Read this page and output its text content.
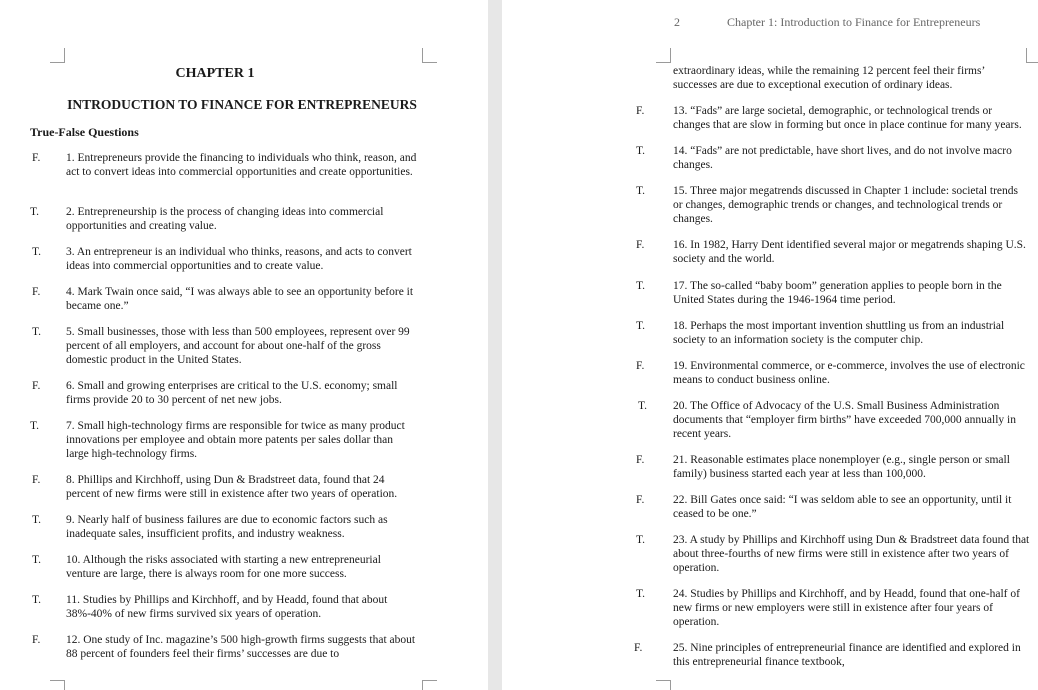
CHAPTER 1
INTRODUCTION TO FINANCE FOR ENTREPRENEURS
True-False Questions
F. 1. Entrepreneurs provide the financing to individuals who think, reason, and act to convert ideas into commercial opportunities and create opportunities.
T. 2. Entrepreneurship is the process of changing ideas into commercial opportunities and creating value.
T. 3. An entrepreneur is an individual who thinks, reasons, and acts to convert ideas into commercial opportunities and to create value.
F. 4. Mark Twain once said, “I was always able to see an opportunity before it became one.”
T. 5. Small businesses, those with less than 500 employees, represent over 99 percent of all employers, and account for about one-half of the gross domestic product in the United States.
F. 6. Small and growing enterprises are critical to the U.S. economy; small firms provide 20 to 30 percent of net new jobs.
T. 7. Small high-technology firms are responsible for twice as many product innovations per employee and obtain more patents per sales dollar than large high-technology firms.
F. 8. Phillips and Kirchhoff, using Dun & Bradstreet data, found that 24 percent of new firms were still in existence after two years of operation.
T. 9. Nearly half of business failures are due to economic factors such as inadequate sales, insufficient profits, and industry weakness.
T. 10. Although the risks associated with starting a new entrepreneurial venture are large, there is always room for one more success.
T. 11. Studies by Phillips and Kirchhoff, and by Headd, found that about 38%-40% of new firms survived six years of operation.
F. 12. One study of Inc. magazine’s 500 high-growth firms suggests that about 88 percent of founders feel their firms’ successes are due to
2	Chapter 1: Introduction to Finance for Entrepreneurs
extraordinary ideas, while the remaining 12 percent feel their firms’ successes are due to exceptional execution of ordinary ideas.
F. 13. “Fads” are large societal, demographic, or technological trends or changes that are slow in forming but once in place continue for many years.
T. 14. “Fads” are not predictable, have short lives, and do not involve macro changes.
T. 15. Three major megatrends discussed in Chapter 1 include: societal trends or changes, demographic trends or changes, and technological trends or changes.
F. 16. In 1982, Harry Dent identified several major or megatrends shaping U.S. society and the world.
T. 17. The so-called “baby boom” generation applies to people born in the United States during the 1946-1964 time period.
T. 18. Perhaps the most important invention shuttling us from an industrial society to an information society is the computer chip.
F. 19. Environmental commerce, or e-commerce, involves the use of electronic means to conduct business online.
T. 20. The Office of Advocacy of the U.S. Small Business Administration documents that “employer firm births” have exceeded 700,000 annually in recent years.
F. 21. Reasonable estimates place nonemployer (e.g., single person or small family) business started each year at less than 100,000.
F. 22. Bill Gates once said: “I was seldom able to see an opportunity, until it ceased to be one.”
T. 23. A study by Phillips and Kirchhoff using Dun & Bradstreet data found that about three-fourths of new firms were still in existence after two years of operation.
T. 24. Studies by Phillips and Kirchhoff, and by Headd, found that one-half of new firms or new employers were still in existence after four years of operation.
F.	25. Nine principles of entrepreneurial finance are identified and explored in this entrepreneurial finance textbook,
